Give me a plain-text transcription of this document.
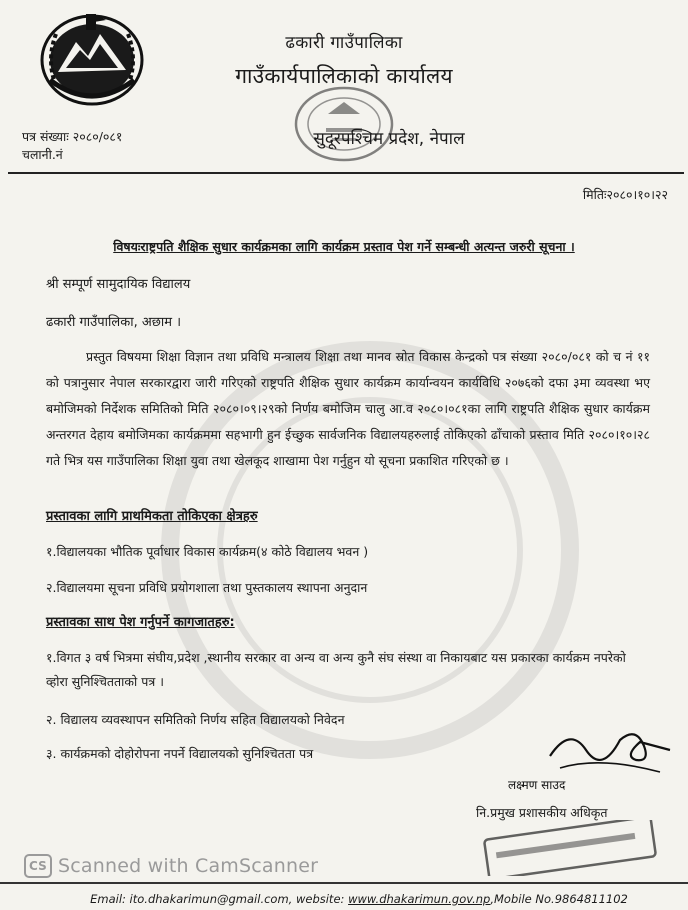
ढकारी गाउँपालिका
गाउँकार्यपालिकाको कार्यालय
सुदूरपश्चिम प्रदेश, नेपाल
पत्र संख्याः २०८०/०८१
चलानी.नं
मितिः२०८०।१०।२२
विषयःराष्ट्रपति शैक्षिक सुधार कार्यक्रमका लागि कार्यक्रम प्रस्ताव पेश गर्ने सम्बन्धी अत्यन्त जरुरी सूचना ।
श्री सम्पूर्ण सामुदायिक विद्यालय
ढकारी गाउँपालिका, अछाम ।

प्रस्तुत विषयमा शिक्षा विज्ञान तथा प्रविधि मन्त्रालय शिक्षा तथा मानव स्रोत विकास केन्द्रको पत्र संख्या २०८०/०८१ को च नं ११ को पत्रानुसार नेपाल सरकारद्वारा जारी गरिएको राष्ट्रपति शैक्षिक सुधार कार्यक्रम कार्यान्वयन कार्यविधि २०७६को दफा ३मा व्यवस्था भए बमोजिमको निर्देशक समितिको मिति २०८०।०९।२९को निर्णय बमोजिम चालु आ.व २०८०।०८१का लागि राष्ट्रपति शैक्षिक सुधार कार्यक्रम अन्तरगत देहाय बमोजिमका कार्यक्रममा सहभागी हुन ईच्छुक सार्वजनिक विद्यालयहरुलाई तोकिएको ढाँचाको प्रस्ताव मिति २०८०।१०।२८ गते भित्र यस गाउँपालिका शिक्षा युवा तथा खेलकूद शाखामा पेश गर्नुहुन यो सूचना प्रकाशित गरिएको छ ।

प्रस्तावका लागि प्राथमिकता तोकिएका क्षेत्रहरु
१.विद्यालयका भौतिक पूर्वाधार विकास कार्यक्रम(४ कोठे विद्यालय भवन )
२.विद्यालयमा सूचना प्रविधि प्रयोगशाला तथा पुस्तकालय स्थापना अनुदान
प्रस्तावका साथ पेश गर्नुपर्ने कागजातहरु:
१.विगत ३ वर्ष भित्रमा संघीय,प्रदेश ,स्थानीय सरकार वा अन्य वा अन्य कुनै संघ संस्था वा निकायबाट यस प्रकारका कार्यक्रम नपरेको व्होरा सुनिश्चितताको पत्र ।
२. विद्यालय व्यवस्थापन समितिको निर्णय सहित विद्यालयको निवेदन
३. कार्यक्रमको दोहोरोपना नपर्ने विद्यालयको सुनिश्चितता पत्र
लक्ष्मण साउद
नि.प्रमुख प्रशासकीय अधिकृत
CS Scanned with CamScanner
Email: ito.dhakarimun@gmail.com, website: www.dhakarimun.gov.np,Mobile No.9864811102
